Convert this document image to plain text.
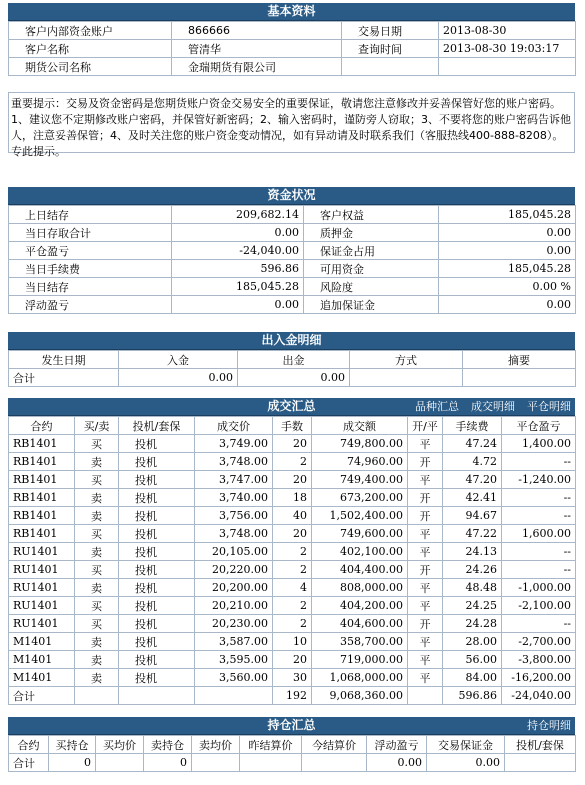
基本资料
客户内部资金账户	866666	交易日期	2013-08-30
客户名称	管清华	查询时间	2013-08-30 19:03:17
期货公司名称	金瑞期货有限公司		
重要提示：交易及资金密码是您期货账户资金交易安全的重要保证，敬请您注意修改并妥善保管好您的账户密码。1、建议您不定期修改账户密码，并保管好新密码；2、输入密码时，谨防旁人窃取；3、不要将您的账户密码告诉他人，注意妥善保管；4、及时关注您的账户资金变动情况，如有异动请及时联系我们（客服热线400-888-8208）。专此提示。
资金状况
上日结存	209,682.14	客户权益	185,045.28
当日存取合计	0.00	质押金	0.00
平仓盈亏	-24,040.00	保证金占用	0.00
当日手续费	596.86	可用资金	185,045.28
当日结存	185,045.28	风险度	0.00 %
浮动盈亏	0.00	追加保证金	0.00
出入金明细
发生日期	入金	出金	方式	摘要
合计	0.00	0.00		
成交汇总	品种汇总 成交明细 平仓明细
合约	买/卖	投机/套保	成交价	手数	成交额	开/平	手续费	平仓盈亏
RB1401	买	投机	3,749.00	20	749,800.00	平	47.24	1,400.00
RB1401	卖	投机	3,748.00	2	74,960.00	开	4.72	--
RB1401	买	投机	3,747.00	20	749,400.00	平	47.20	-1,240.00
RB1401	卖	投机	3,740.00	18	673,200.00	开	42.41	--
RB1401	卖	投机	3,756.00	40	1,502,400.00	开	94.67	--
RB1401	买	投机	3,748.00	20	749,600.00	平	47.22	1,600.00
RU1401	卖	投机	20,105.00	2	402,100.00	平	24.13	--
RU1401	买	投机	20,220.00	2	404,400.00	开	24.26	--
RU1401	卖	投机	20,200.00	4	808,000.00	平	48.48	-1,000.00
RU1401	买	投机	20,210.00	2	404,200.00	平	24.25	-2,100.00
RU1401	买	投机	20,230.00	2	404,600.00	开	24.28	--
M1401	卖	投机	3,587.00	10	358,700.00	平	28.00	-2,700.00
M1401	卖	投机	3,595.00	20	719,000.00	平	56.00	-3,800.00
M1401	卖	投机	3,560.00	30	1,068,000.00	平	84.00	-16,200.00
合计				192	9,068,360.00		596.86	-24,040.00
持仓汇总	持仓明细
合约	买持仓	买均价	卖持仓	卖均价	昨结算价	今结算价	浮动盈亏	交易保证金	投机/套保
合计	0		0				0.00	0.00	
